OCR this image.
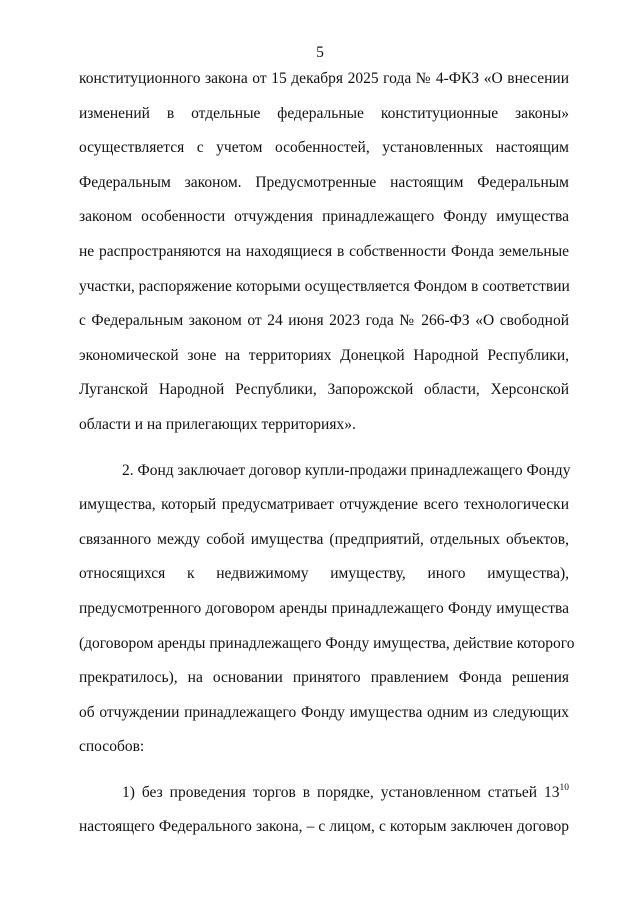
5
конституционного закона от 15 декабря 2025 года № 4-ФКЗ «О внесении
изменений в отдельные федеральные конституционные законы»
осуществляется с учетом особенностей, установленных настоящим
Федеральным законом. Предусмотренные настоящим Федеральным
законом особенности отчуждения принадлежащего Фонду имущества
не распространяются на находящиеся в собственности Фонда земельные
участки, распоряжение которыми осуществляется Фондом в соответствии
с Федеральным законом от 24 июня 2023 года № 266-ФЗ «О свободной
экономической зоне на территориях Донецкой Народной Республики,
Луганской Народной Республики, Запорожской области, Херсонской
области и на прилегающих территориях».
2. Фонд заключает договор купли-продажи принадлежащего Фонду
имущества, который предусматривает отчуждение всего технологически
связанного между собой имущества (предприятий, отдельных объектов,
относящихся к недвижимому имуществу, иного имущества),
предусмотренного договором аренды принадлежащего Фонду имущества
(договором аренды принадлежащего Фонду имущества, действие которого
прекратилось), на основании принятого правлением Фонда решения
об отчуждении принадлежащего Фонду имущества одним из следующих
способов:
1) без проведения торгов в порядке, установленном статьей $13^{10}$
настоящего Федерального закона, – с лицом, с которым заключен договор
